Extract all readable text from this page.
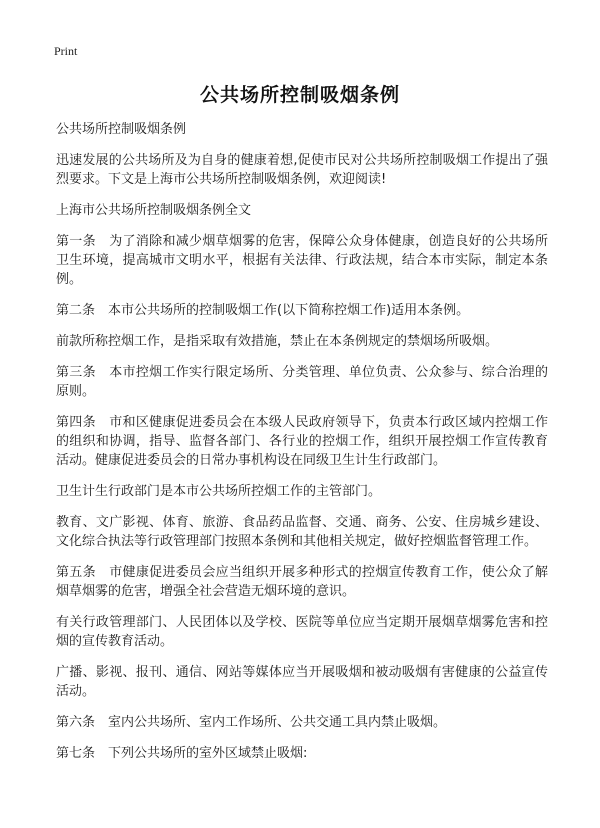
Print
公共场所控制吸烟条例

公共场所控制吸烟条例

迅速发展的公共场所及为自身的健康着想,促使市民对公共场所控制吸烟工作提出了强烈要求。下文是上海市公共场所控制吸烟条例，欢迎阅读!

上海市公共场所控制吸烟条例全文

第一条　为了消除和减少烟草烟雾的危害，保障公众身体健康，创造良好的公共场所卫生环境，提高城市文明水平，根据有关法律、行政法规，结合本市实际，制定本条例。

第二条　本市公共场所的控制吸烟工作(以下简称控烟工作)适用本条例。

前款所称控烟工作，是指采取有效措施，禁止在本条例规定的禁烟场所吸烟。

第三条　本市控烟工作实行限定场所、分类管理、单位负责、公众参与、综合治理的原则。

第四条　市和区健康促进委员会在本级人民政府领导下，负责本行政区域内控烟工作的组织和协调，指导、监督各部门、各行业的控烟工作，组织开展控烟工作宣传教育活动。健康促进委员会的日常办事机构设在同级卫生计生行政部门。

卫生计生行政部门是本市公共场所控烟工作的主管部门。

教育、文广影视、体育、旅游、食品药品监督、交通、商务、公安、住房城乡建设、文化综合执法等行政管理部门按照本条例和其他相关规定，做好控烟监督管理工作。

第五条　市健康促进委员会应当组织开展多种形式的控烟宣传教育工作，使公众了解烟草烟雾的危害，增强全社会营造无烟环境的意识。

有关行政管理部门、人民团体以及学校、医院等单位应当定期开展烟草烟雾危害和控烟的宣传教育活动。

广播、影视、报刊、通信、网站等媒体应当开展吸烟和被动吸烟有害健康的公益宣传活动。

第六条　室内公共场所、室内工作场所、公共交通工具内禁止吸烟。

第七条　下列公共场所的室外区域禁止吸烟:
